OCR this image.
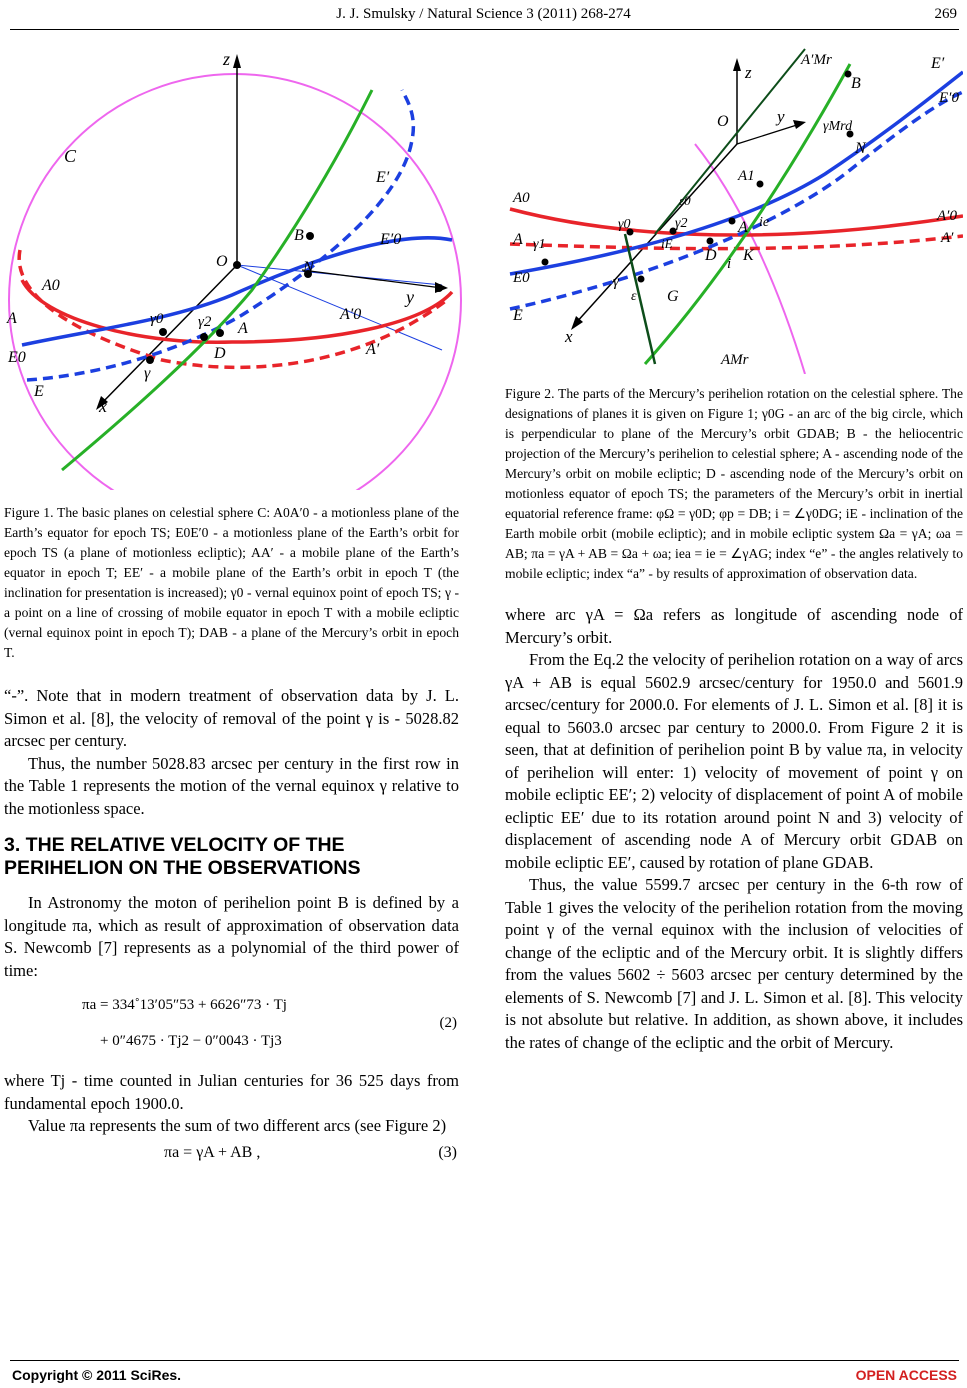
J. J. Smulsky / Natural Science 3 (2011) 268-274	269
z
C
E′
B	E′0
O	N
y
A0
A	γ0 γ2 A
A′0
D
E0	A′
γ
E
x

Figure 1. The basic planes on celestial sphere C: A0A′0 - a motionless plane of the Earth’s equator for epoch TS; E0E′0 - a motionless plane of the Earth’s orbit for epoch TS (a plane of motionless ecliptic); AA′ - a mobile plane of the Earth’s equator in epoch T; EE′ - a mobile plane of the Earth’s orbit in epoch T (the inclination for presentation is increased); γ0 - vernal equinox point of epoch TS; γ - a point on a line of crossing of mobile equator in epoch T with a mobile ecliptic (vernal equinox point in epoch T); DAB - a plane of the Mercury’s orbit in epoch T.

“-”. Note that in modern treatment of observation data by J. L. Simon et al. [8], the velocity of removal of the point γ is - 5028.82 arcsec per century.

Thus, the number 5028.83 arcsec per century in the first row in the Table 1 represents the motion of the vernal equinox γ relative to the motionless space.

3. THE RELATIVE VELOCITY OF THE PERIHELION ON THE OBSERVATIONS

In Astronomy the moton of perihelion point B is defined by a longitude πa, which as result of approximation of observation data S. Newcomb [7] represents as a polynomial of the third power of time:

πa = 334˚13′05″53 + 6626″73 · Tj
+ 0″4675 · Tj2 − 0″0043 · Tj3
(2)

where Tj - time counted in Julian centuries for 36 525 days from fundamental epoch 1900.0.

Value πa represents the sum of two different arcs (see Figure 2)

πa = γA + AB ,	(3)
A′Mr	E′
z
B
E′0
y
O	γMrd
N
A1
A0	ε0
A′0
γ0	γ2	ie
A
A γ1	A′
iE
D K
i
E0	γ
ε G
E
x
AMr

Figure 2. The parts of the Mercury’s perihelion rotation on the celestial sphere. The designations of planes it is given on Figure 1; γ0G - an arc of the big circle, which is perpendicular to plane of the Mercury’s orbit GDAB; B - the heliocentric projection of the Mercury’s perihelion to celestial sphere; A - ascending node of the Mercury’s orbit on mobile ecliptic; D - ascending node of the Mercury’s orbit on motionless equator of epoch TS; the parameters of the Mercury’s orbit in inertial equatorial reference frame: φΩ = γ0D; φp = DB; i = ∠γ0DG; iE - inclination of the Earth mobile orbit (mobile ecliptic); and in mobile ecliptic system Ωa = γA; ωa = AB; πa = γA + AB = Ωa + ωa; iea = ie = ∠γAG; index “e” - the angles relatively to mobile ecliptic; index “a” - by results of approximation of observation data.

where arc γA = Ωa refers as longitude of ascending node of Mercury’s orbit.

From the Eq.2 the velocity of perihelion rotation on a way of arcs γA + AB is equal 5602.9 arcsec/century for 1950.0 and 5601.9 arcsec/century for 2000.0. For elements of J. L. Simon et al. [8] it is equal to 5603.0 arcsec par century to 2000.0. From Figure 2 it is seen, that at definition of perihelion point B by value πa, in velocity of perihelion will enter: 1) velocity of movement of point γ on mobile ecliptic EE′; 2) velocity of displacement of point A of mobile ecliptic EE′ due to its rotation around point N and 3) velocity of displacement of ascending node A of Mercury orbit GDAB on mobile ecliptic EE′, caused by rotation of plane GDAB.

Thus, the value 5599.7 arcsec per century in the 6-th row of Table 1 gives the velocity of the perihelion rotation from the moving point γ of the vernal equinox with the inclusion of velocities of change of the ecliptic and of the Mercury orbit. It is slightly differs from the values 5602 ÷ 5603 arcsec per century determined by the elements of S. Newcomb [7] and J. L. Simon et al. [8]. This velocity is not absolute but relative. In addition, as shown above, it includes the rates of change of the ecliptic and the orbit of Mercury.

Copyright © 2011 SciRes.	OPEN ACCESS
